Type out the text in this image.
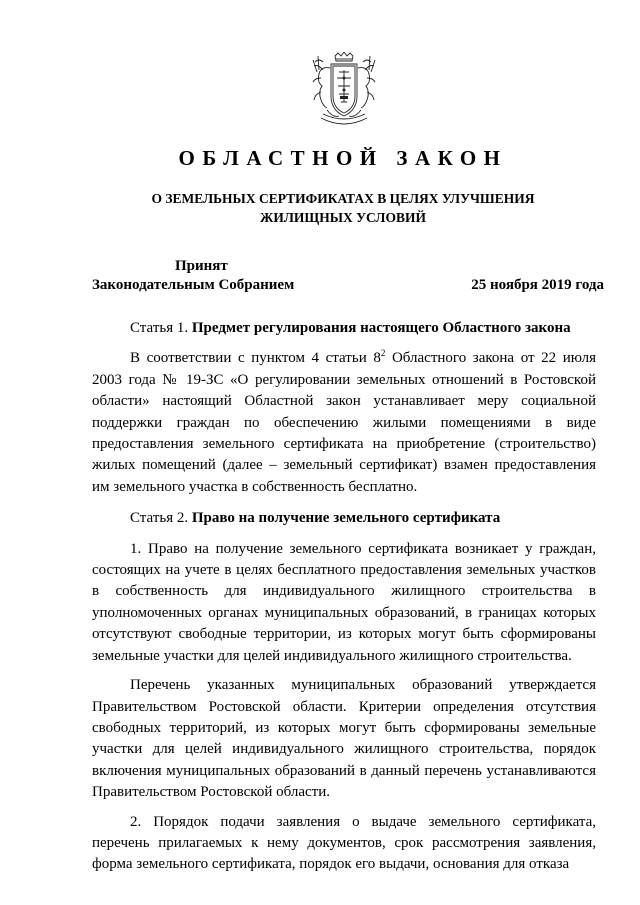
ОБЛАСТНОЙ ЗАКОН
О ЗЕМЕЛЬНЫХ СЕРТИФИКАТАХ В ЦЕЛЯХ УЛУЧШЕНИЯ
ЖИЛИЩНЫХ УСЛОВИЙ
Принят
Законодательным Собранием	25 ноября 2019 года

Статья 1. Предмет регулирования настоящего Областного закона

В соответствии с пунктом 4 статьи $8^2$ Областного закона от 22 июля 2003 года № 19-ЗС «О регулировании земельных отношений в Ростовской области» настоящий Областной закон устанавливает меру социальной поддержки граждан по обеспечению жилыми помещениями в виде предоставления земельного сертификата на приобретение (строительство) жилых помещений (далее – земельный сертификат) взамен предоставления им земельного участка в собственность бесплатно.

Статья 2. Право на получение земельного сертификата

1. Право на получение земельного сертификата возникает у граждан, состоящих на учете в целях бесплатного предоставления земельных участков в собственность для индивидуального жилищного строительства в уполномоченных органах муниципальных образований, в границах которых отсутствуют свободные территории, из которых могут быть сформированы земельные участки для целей индивидуального жилищного строительства.

Перечень указанных муниципальных образований утверждается Правительством Ростовской области. Критерии определения отсутствия свободных территорий, из которых могут быть сформированы земельные участки для целей индивидуального жилищного строительства, порядок включения муниципальных образований в данный перечень устанавливаются Правительством Ростовской области.

2. Порядок подачи заявления о выдаче земельного сертификата, перечень прилагаемых к нему документов, срок рассмотрения заявления, форма земельного сертификата, порядок его выдачи, основания для отказа
